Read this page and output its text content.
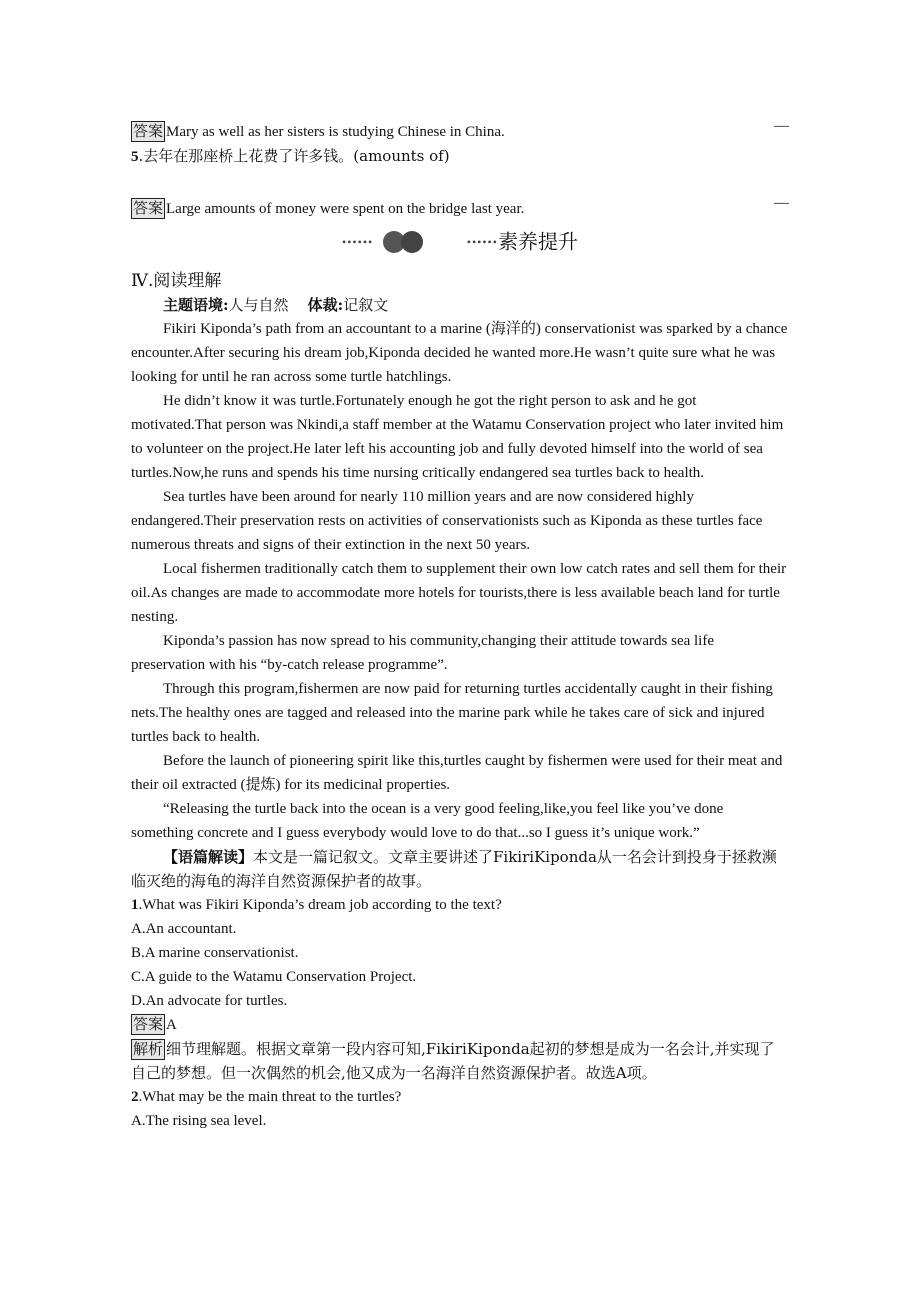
—
答案 Mary as well as her sisters is studying Chinese in China.
5.去年在那座桥上花费了许多钱。(amounts of)
—
答案 Large amounts of money were spent on the bridge last year.
••••••	••••••素养提升
Ⅳ.阅读理解
主题语境:人与自然 体裁:记叙文
Fikiri Kiponda’s path from an accountant to a marine (海洋的) conservationist was sparked by a chance encounter.After securing his dream job,Kiponda decided he wanted more.He wasn’t quite sure what he was looking for until he ran across some turtle hatchlings.
He didn’t know it was turtle.Fortunately enough he got the right person to ask and he got motivated.That person was Nkindi,a staff member at the Watamu Conservation project who later invited him to volunteer on the project.He later left his accounting job and fully devoted himself into the world of sea turtles.Now,he runs and spends his time nursing critically endangered sea turtles back to health.
Sea turtles have been around for nearly 110 million years and are now considered highly endangered.Their preservation rests on activities of conservationists such as Kiponda as these turtles face numerous threats and signs of their extinction in the next 50 years.
Local fishermen traditionally catch them to supplement their own low catch rates and sell them for their oil.As changes are made to accommodate more hotels for tourists,there is less available beach land for turtle nesting.
Kiponda’s passion has now spread to his community,changing their attitude towards sea life preservation with his “by-catch release programme”.
Through this program,fishermen are now paid for returning turtles accidentally caught in their fishing nets.The healthy ones are tagged and released into the marine park while he takes care of sick and injured turtles back to health.
Before the launch of pioneering spirit like this,turtles caught by fishermen were used for their meat and their oil extracted (提炼) for its medicinal properties.
“Releasing the turtle back into the ocean is a very good feeling,like,you feel like you’ve done something concrete and I guess everybody would love to do that...so I guess it’s unique work.”
【语篇解读】本文是一篇记叙文。文章主要讲述了FikiriKiponda从一名会计到投身于拯救濒临灭绝的海龟的海洋自然资源保护者的故事。
1.What was Fikiri Kiponda’s dream job according to the text?
A.An accountant.
B.A marine conservationist.
C.A guide to the Watamu Conservation Project.
D.An advocate for turtles.
答案 A
解析 细节理解题。根据文章第一段内容可知,FikiriKiponda起初的梦想是成为一名会计,并实现了自己的梦想。但一次偶然的机会,他又成为一名海洋自然资源保护者。故选A项。
2.What may be the main threat to the turtles?
A.The rising sea level.
